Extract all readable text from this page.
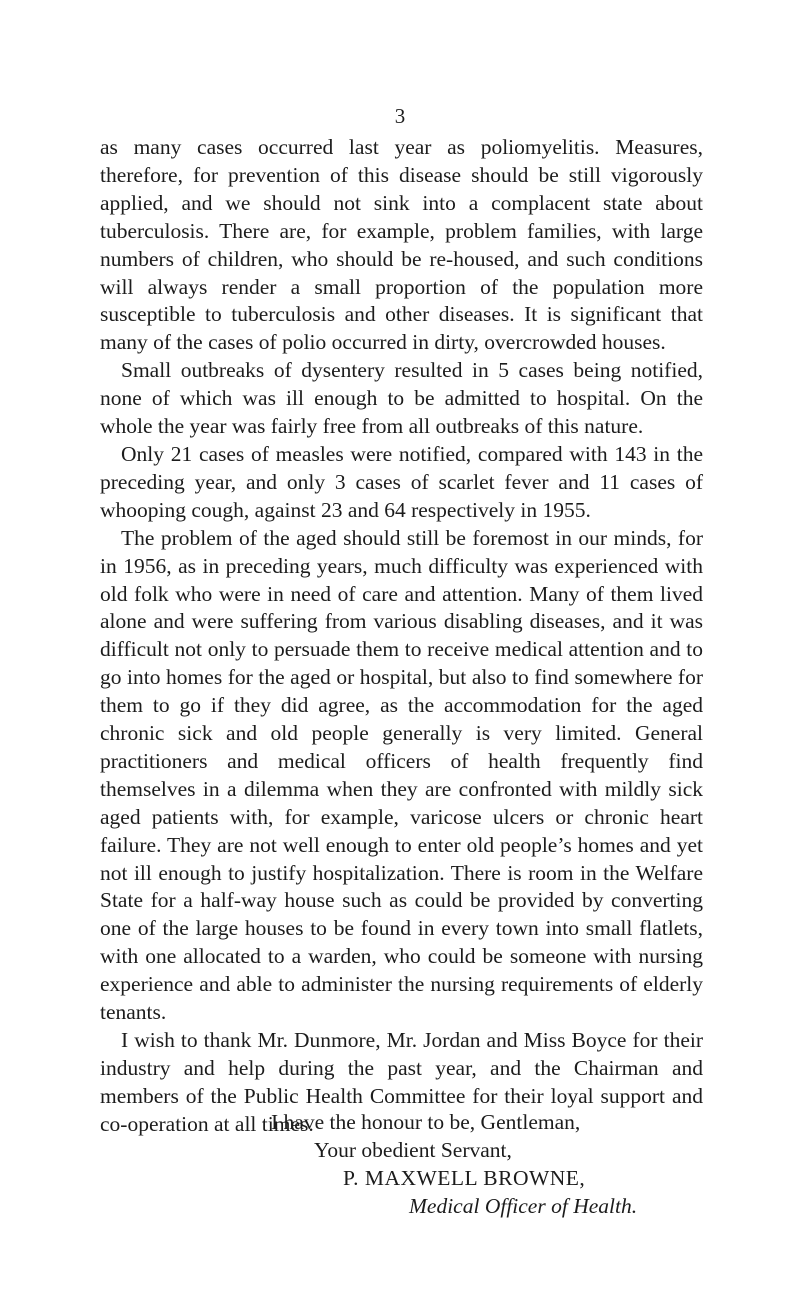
3

as many cases occurred last year as poliomyelitis. Measures, therefore, for prevention of this disease should be still vigorously applied, and we should not sink into a complacent state about tuberculosis. There are, for example, problem families, with large numbers of children, who should be re-housed, and such conditions will always render a small proportion of the population more susceptible to tuberculosis and other diseases. It is significant that many of the cases of polio occurred in dirty, overcrowded houses.

Small outbreaks of dysentery resulted in 5 cases being notified, none of which was ill enough to be admitted to hospital. On the whole the year was fairly free from all outbreaks of this nature.

Only 21 cases of measles were notified, compared with 143 in the preceding year, and only 3 cases of scarlet fever and 11 cases of whooping cough, against 23 and 64 respectively in 1955.

The problem of the aged should still be foremost in our minds, for in 1956, as in preceding years, much difficulty was experienced with old folk who were in need of care and attention. Many of them lived alone and were suffering from various disabling diseases, and it was difficult not only to persuade them to receive medical attention and to go into homes for the aged or hospital, but also to find somewhere for them to go if they did agree, as the accommodation for the aged chronic sick and old people generally is very limited. General practitioners and medical officers of health frequently find themselves in a dilemma when they are confronted with mildly sick aged patients with, for example, varicose ulcers or chronic heart failure. They are not well enough to enter old people’s homes and yet not ill enough to justify hospitalization. There is room in the Welfare State for a half-way house such as could be provided by converting one of the large houses to be found in every town into small flatlets, with one allocated to a warden, who could be someone with nursing experience and able to administer the nursing requirements of elderly tenants.

I wish to thank Mr. Dunmore, Mr. Jordan and Miss Boyce for their industry and help during the past year, and the Chairman and members of the Public Health Committee for their loyal support and co-operation at all times.

I have the honour to be, Gentleman,
Your obedient Servant,
P. MAXWELL BROWNE,
Medical Officer of Health.
